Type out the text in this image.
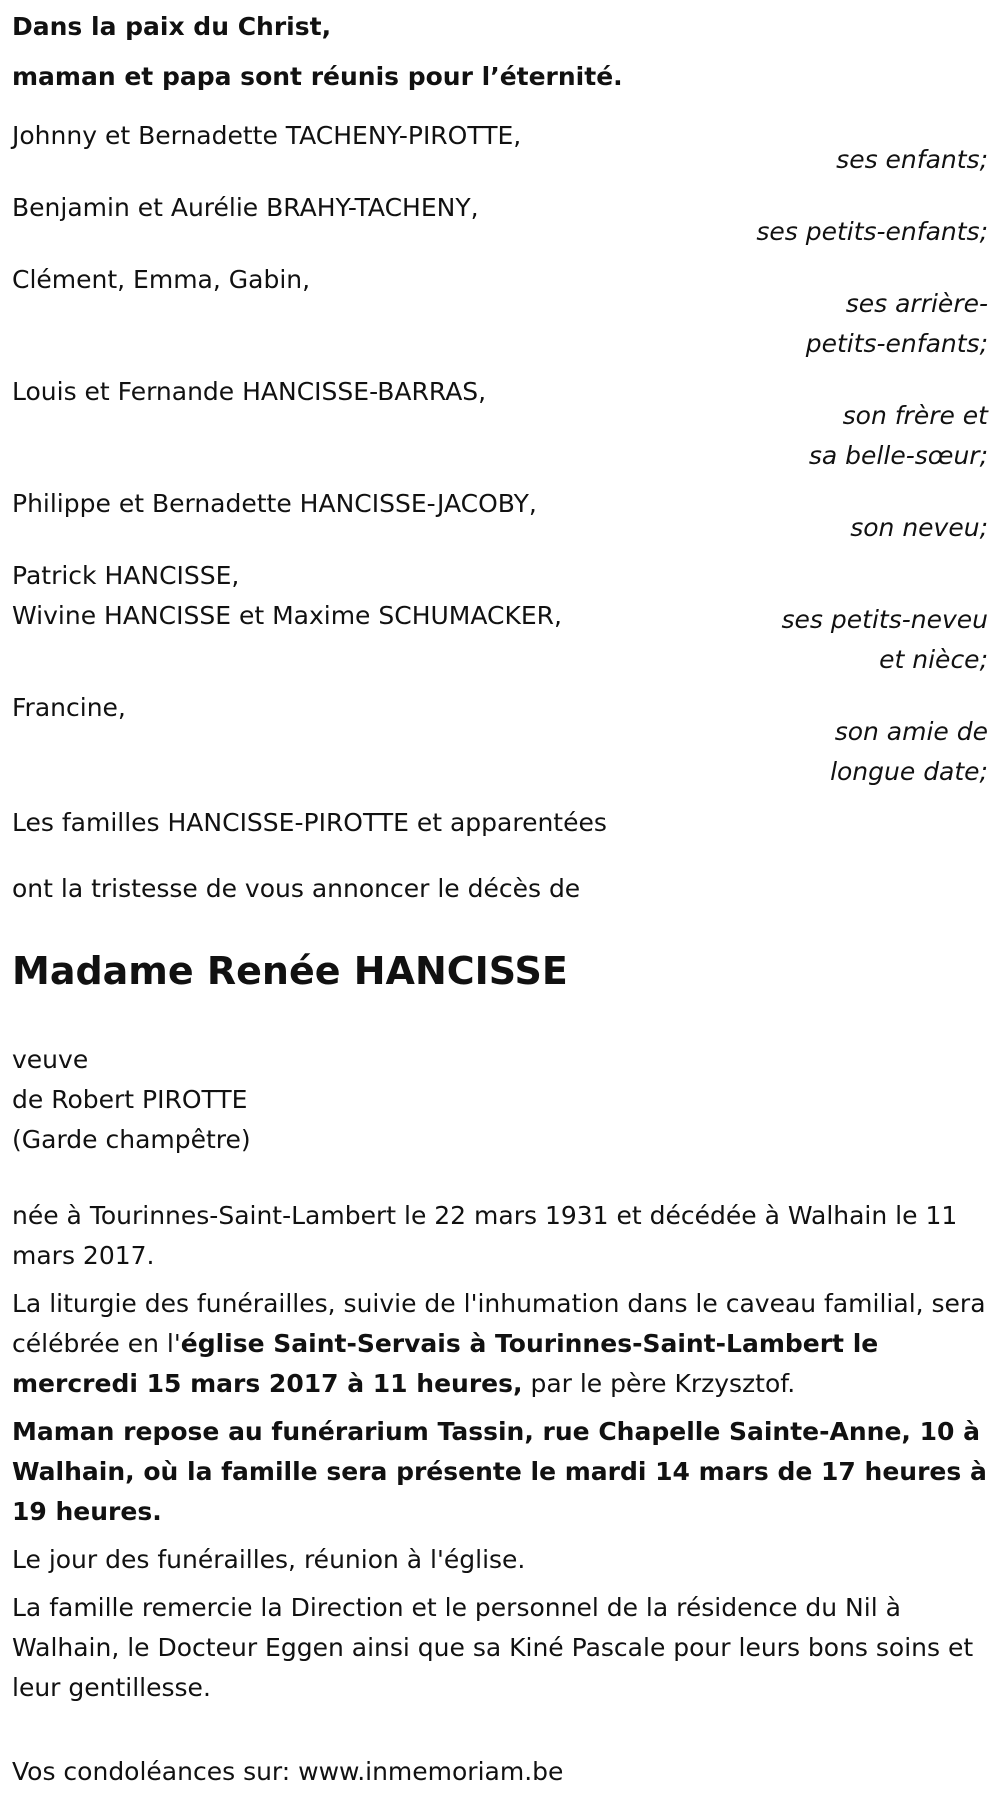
Dans la paix du Christ,
maman et papa sont réunis pour l’éternité.
Johnny et Bernadette TACHENY-PIROTTE,
ses enfants;
Benjamin et Aurélie BRAHY-TACHENY,
ses petits-enfants;
Clément, Emma, Gabin,
ses arrière-petits-enfants;
Louis et Fernande HANCISSE-BARRAS,
son frère et sa belle-sœur;
Philippe et Bernadette HANCISSE-JACOBY,
son neveu;
Patrick HANCISSE,
Wivine HANCISSE et Maxime SCHUMACKER,	ses petits-neveu et nièce;
Francine,
son amie de longue date;
Les familles HANCISSE-PIROTTE et apparentées
ont la tristesse de vous annoncer le décès de
Madame Renée HANCISSE
veuve
de Robert PIROTTE
(Garde champêtre)
née à Tourinnes-Saint-Lambert le 22 mars 1931 et décédée à Walhain le 11 mars 2017.
La liturgie des funérailles, suivie de l'inhumation dans le caveau familial, sera célébrée en l'église Saint-Servais à Tourinnes-Saint-Lambert le mercredi 15 mars 2017 à 11 heures, par le père Krzysztof.
Maman repose au funérarium Tassin, rue Chapelle Sainte-Anne, 10 à Walhain, où la famille sera présente le mardi 14 mars de 17 heures à 19 heures.
Le jour des funérailles, réunion à l'église.
La famille remercie la Direction et le personnel de la résidence du Nil à Walhain, le Docteur Eggen ainsi que sa Kiné Pascale pour leurs bons soins et leur gentillesse.
Vos condoléances sur: www.inmemoriam.be
